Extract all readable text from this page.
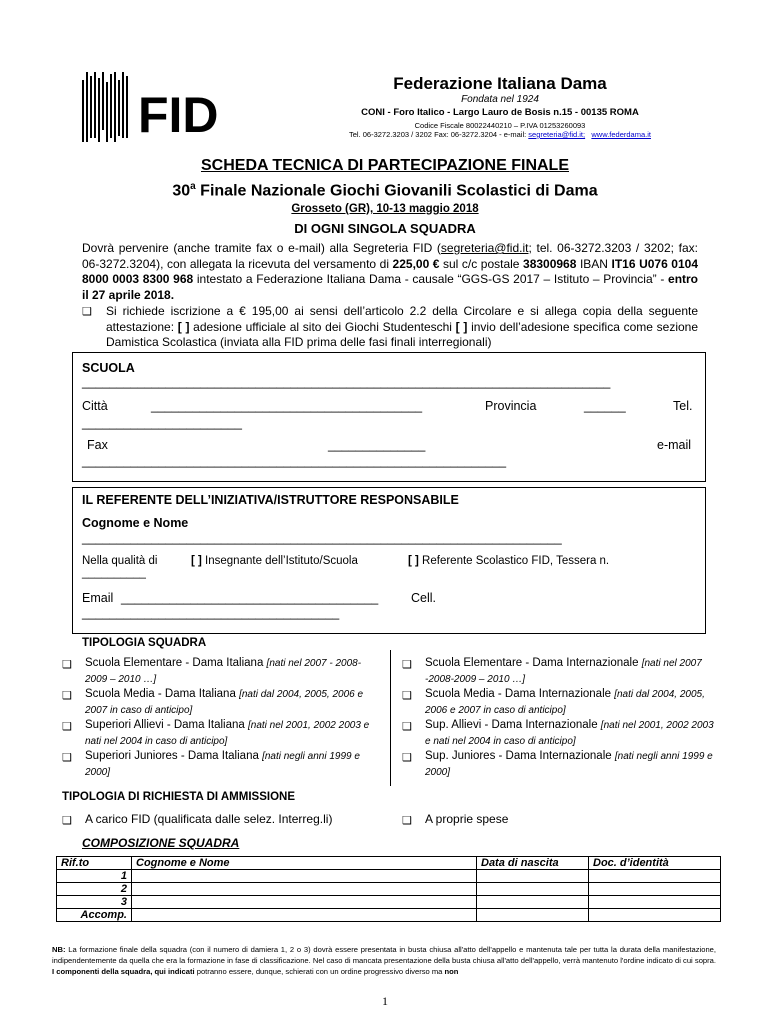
FID
Federazione Italiana Dama
Fondata nel 1924
CONI - Foro Italico - Largo Lauro de Bosis n.15 - 00135 ROMA
Codice Fiscale 80022440210 – P.IVA 01253260093
Tel. 06-3272.3203 / 3202 Fax: 06-3272.3204 - e-mail: segreteria@fid.it; www.federdama.it
SCHEDA TECNICA DI PARTECIPAZIONE FINALE
30$^a$ Finale Nazionale Giochi Giovanili Scolastici di Dama
Grosseto (GR), 10-13 maggio 2018
DI OGNI SINGOLA SQUADRA
Dovrà pervenire (anche tramite fax o e-mail) alla Segreteria FID (segreteria@fid.it; tel. 06-3272.3203 / 3202; fax: 06-3272.3204), con allegata la ricevuta del versamento di 225,00 € sul c/c postale 38300968 IBAN IT16 U076 0104 8000 0003 8300 968 intestato a Federazione Italiana Dama - causale “GGS-GS 2017 – Istituto – Provincia” - entro il 27 aprile 2018.
❑ Si richiede iscrizione a € 195,00 ai sensi dell’articolo 2.2 della Circolare e si allega copia della seguente attestazione: [ ] adesione ufficiale al sito dei Giochi Studenteschi [ ] invio dell’adesione specifica come sezione Damistica Scolastica (inviata alla FID prima delle fasi finali interregionali)
SCUOLA
____________________________________________________________________________
Città	_______________________________________	Provincia	______	Tel.
_______________________
Fax	______________	e-mail
_____________________________________________________________
IL REFERENTE DELL’INIZIATIVA/ISTRUTTORE RESPONSABILE
Cognome e Nome
_____________________________________________________________________
Nella qualità di	[ ] Insegnante dell’Istituto/Scuola	[ ] Referente Scolastico FID, Tessera n.
__________
Email _____________________________________	Cell.
_____________________________________
TIPOLOGIA SQUADRA
❑ Scuola Elementare - Dama Italiana [nati nel 2007 - 2008-2009 – 2010 …]
❑ Scuola Media - Dama Italiana [nati dal 2004, 2005, 2006 e 2007 in caso di anticipo]
❑ Superiori Allievi - Dama Italiana [nati nel 2001, 2002 2003 e nati nel 2004 in caso di anticipo]
❑ Superiori Juniores - Dama Italiana [nati negli anni 1999 e 2000]
❑ Scuola Elementare - Dama Internazionale [nati nel 2007 -2008-2009 – 2010 …]
❑ Scuola Media - Dama Internazionale [nati dal 2004, 2005, 2006 e 2007 in caso di anticipo]
❑ Sup. Allievi - Dama Internazionale [nati nel 2001, 2002 2003 e nati nel 2004 in caso di anticipo]
❑ Sup. Juniores - Dama Internazionale [nati negli anni 1999 e 2000]
TIPOLOGIA DI RICHIESTA DI AMMISSIONE
❑ A carico FID (qualificata dalle selez. Interreg.li)	❑ A proprie spese
COMPOSIZIONE SQUADRA
Rif.to	Cognome e Nome	Data di nascita	Doc. d’identità
1			
2			
3			
Accomp.			
NB: La formazione finale della squadra (con il numero di damiera 1, 2 o 3) dovrà essere presentata in busta chiusa all'atto dell'appello e mantenuta tale per tutta la durata della manifestazione, indipendentemente da quella che era la formazione in fase di classificazione. Nel caso di mancata presentazione della busta chiusa all'atto dell'appello, verrà mantenuto l'ordine indicato di cui sopra. I componenti della squadra, qui indicati potranno essere, dunque, schierati con un ordine progressivo diverso ma non
1
